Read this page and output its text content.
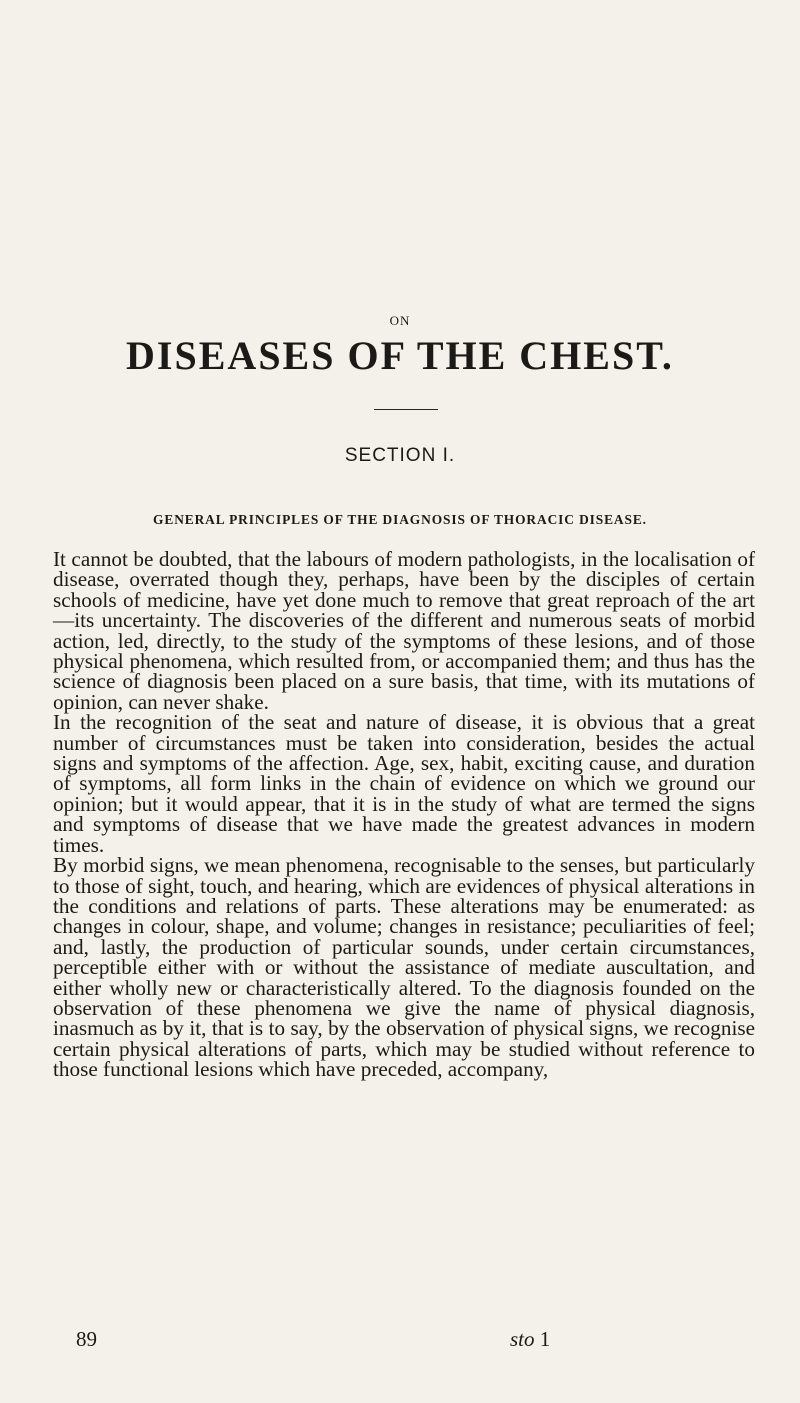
ON
DISEASES OF THE CHEST.
SECTION I.
GENERAL PRINCIPLES OF THE DIAGNOSIS OF THORACIC DISEASE.

It cannot be doubted, that the labours of modern pathologists, in the localisation of disease, overrated though they, perhaps, have been by the disciples of certain schools of medicine, have yet done much to remove that great reproach of the art—its uncertainty. The discoveries of the different and numerous seats of morbid action, led, directly, to the study of the symptoms of these lesions, and of those physical phenomena, which resulted from, or accompanied them; and thus has the science of diagnosis been placed on a sure basis, that time, with its mutations of opinion, can never shake.

In the recognition of the seat and nature of disease, it is obvious that a great number of circumstances must be taken into consideration, besides the actual signs and symptoms of the affection. Age, sex, habit, exciting cause, and duration of symptoms, all form links in the chain of evidence on which we ground our opinion; but it would appear, that it is in the study of what are termed the signs and symptoms of disease that we have made the greatest advances in modern times.

By morbid signs, we mean phenomena, recognisable to the senses, but particularly to those of sight, touch, and hearing, which are evidences of physical alterations in the conditions and relations of parts. These alterations may be enumerated: as changes in colour, shape, and volume; changes in resistance; peculiarities of feel; and, lastly, the production of particular sounds, under certain circumstances, perceptible either with or without the assistance of mediate auscultation, and either wholly new or characteristically altered. To the diagnosis founded on the observation of these phenomena we give the name of physical diagnosis, inasmuch as by it, that is to say, by the observation of physical signs, we recognise certain physical alterations of parts, which may be studied without reference to those functional lesions which have preceded, accompany,

89	sto 1
